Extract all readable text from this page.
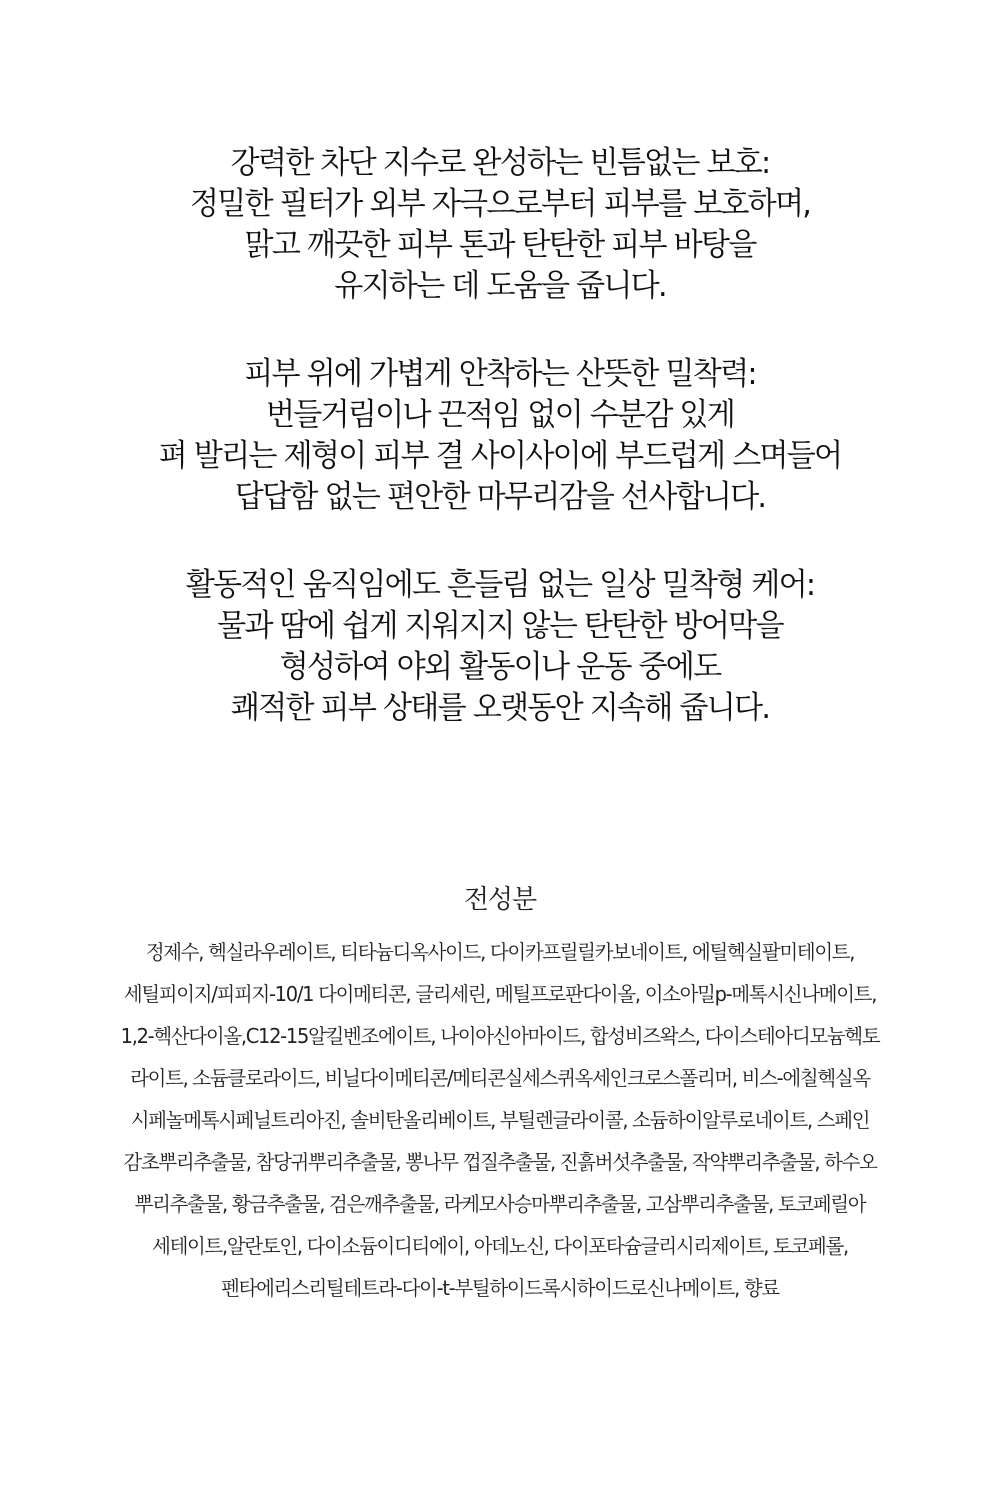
강력한 차단 지수로 완성하는 빈틈없는 보호:
정밀한 필터가 외부 자극으로부터 피부를 보호하며,
맑고 깨끗한 피부 톤과 탄탄한 피부 바탕을
유지하는 데 도움을 줍니다.
피부 위에 가볍게 안착하는 산뜻한 밀착력:
번들거림이나 끈적임 없이 수분감 있게
펴 발리는 제형이 피부 결 사이사이에 부드럽게 스며들어
답답함 없는 편안한 마무리감을 선사합니다.
활동적인 움직임에도 흔들림 없는 일상 밀착형 케어:
물과 땀에 쉽게 지워지지 않는 탄탄한 방어막을
형성하여 야외 활동이나 운동 중에도
쾌적한 피부 상태를 오랫동안 지속해 줍니다.
전성분
정제수, 헥실라우레이트, 티타늄디옥사이드, 다이카프릴릴카보네이트, 에틸헥실팔미테이트,
세틸피이지/피피지-10/1 다이메티콘, 글리세린, 메틸프로판다이올, 이소아밀p-메톡시신나메이트,
1,2-헥산다이올,C12-15알킬벤조에이트, 나이아신아마이드, 합성비즈왁스, 다이스테아디모늄헥토
라이트, 소듐클로라이드, 비닐다이메티콘/메티콘실세스퀴옥세인크로스폴리머, 비스-에칠헥실옥
시페놀메톡시페닐트리아진, 솔비탄올리베이트, 부틸렌글라이콜, 소듐하이알루로네이트, 스페인
감초뿌리추출물, 참당귀뿌리추출물, 뽕나무 껍질추출물, 진흙버섯추출물, 작약뿌리추출물, 하수오
뿌리추출물, 황금추출물, 검은깨추출물, 라케모사승마뿌리추출물, 고삼뿌리추출물, 토코페릴아
세테이트,알란토인, 다이소듐이디티에이, 아데노신, 다이포타슘글리시리제이트, 토코페롤,
펜타에리스리틸테트라-다이-t-부틸하이드록시하이드로신나메이트, 향료
